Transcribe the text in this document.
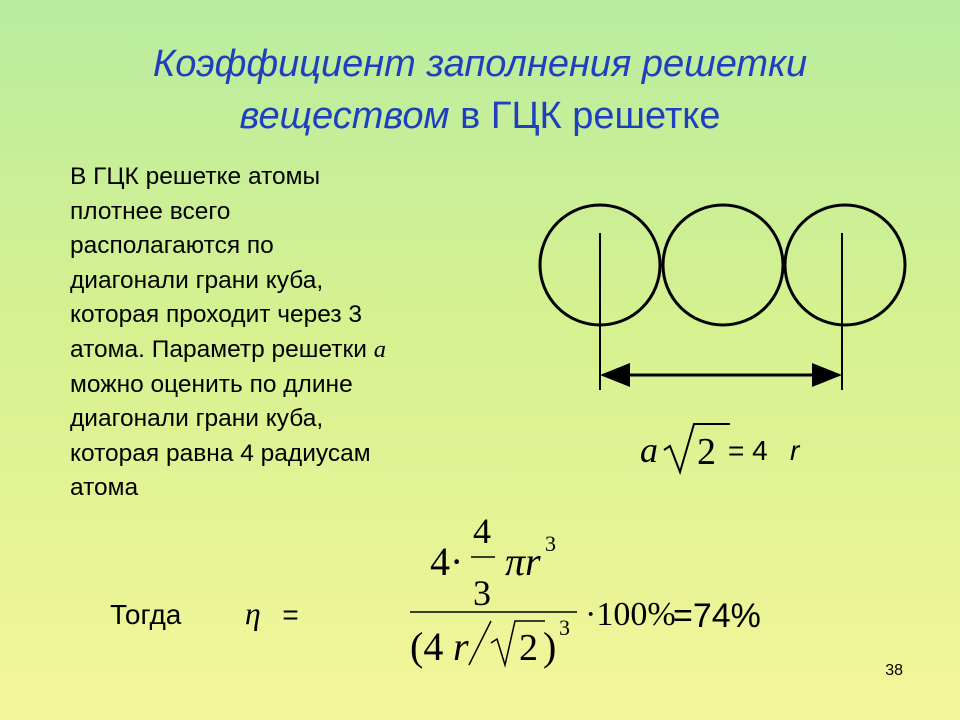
Коэффициент заполнения решетки
веществом в ГЦК решетке
В ГЦК решетке атомы
плотнее всего
располагаются по
диагонали грани куба,
которая проходит через 3
атома. Параметр решетки a
можно оценить по длине
диагонали грани куба,
которая равна 4 радиусам
атома
a 2 = 4 r
Тогда η =
4·
4
3
πr 3
·100%
=74%
(4 r 2 ) 3
38
